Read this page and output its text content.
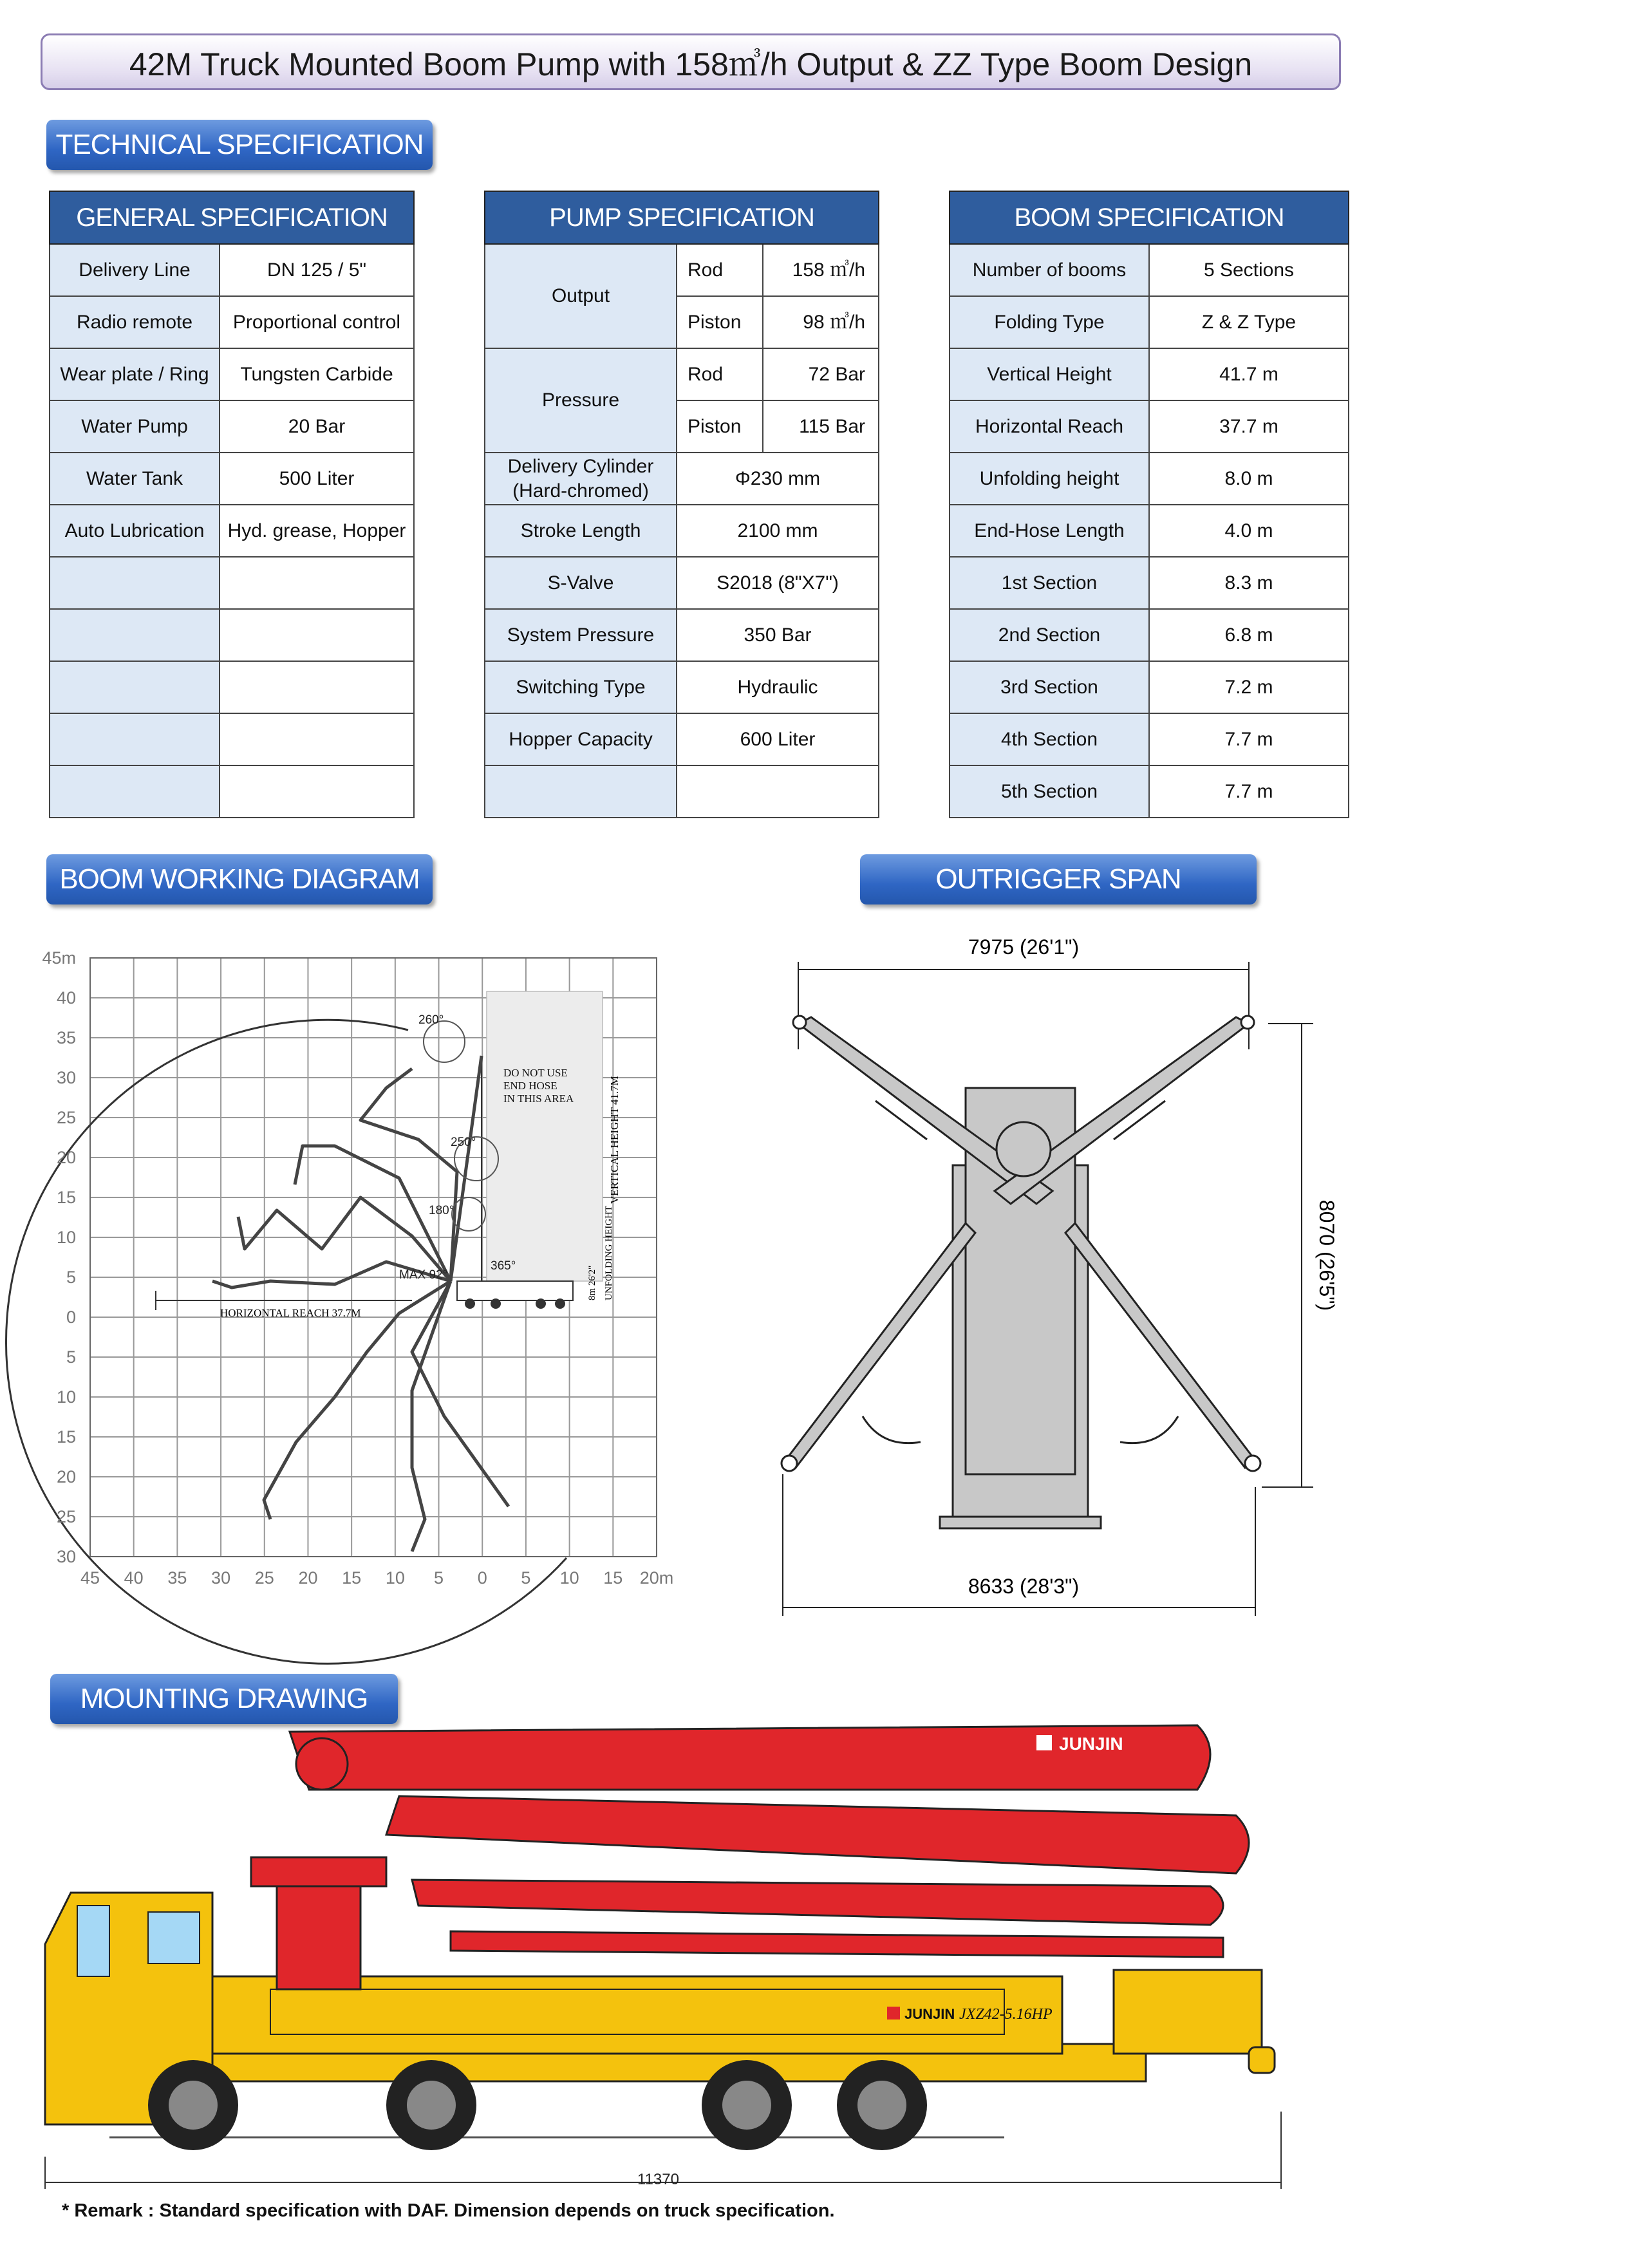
42M Truck Mounted Boom Pump with 158㎥/h Output & ZZ Type Boom Design
TECHNICAL SPECIFICATION
BOOM WORKING DIAGRAM	OUTRIGGER SPAN
MOUNTING DRAWING
GENERAL SPECIFICATION	
Delivery Line	DN 125 / 5"
Radio remote	Proportional control
Wear plate / Ring	Tungsten Carbide
Water Pump	20 Bar
Water Tank	500 Liter
Auto Lubrication	Hyd. grease, Hopper

PUMP SPECIFICATION		
Output	Rod	158 ㎥/h
	Piston	98 ㎥/h
Pressure	Rod	72 Bar
	Piston	115 Bar
Delivery Cylinder
(Hard-chromed)	Φ230 mm	
Stroke Length	2100 mm	
S-Valve	S2018 (8"X7")	
System Pressure	350 Bar	
Switching Type	Hydraulic	
Hopper Capacity	600 Liter	

BOOM SPECIFICATION	
Number of booms	5 Sections
Folding Type	Z & Z Type
Vertical Height	41.7 m
Horizontal Reach	37.7 m
Unfolding height	8.0 m
End-Hose Length	4.0 m
1st Section	8.3 m
2nd Section	6.8 m
3rd Section	7.2 m
4th Section	7.7 m
5th Section	7.7 m
DO NOT USE
END HOSE
IN THIS AREA	VERTICAL HEIGHT 41.7M
HORIZONTAL REACH 37.7M
260°
250°
180°
365°
MAX 92°	8m 26'2" UNFOLDING HEIGHT
45m
40
35
30
25
20
15
10
5
0
5
10
15
20
25
30
45 40 35 30 25 20 15 10 5 0 5 10 15 20m
7975 (26'1")
8633 (28'3")
8070 (26'5")
JUNJIN
JUNJIN JXZ42-5.16HP
11370
* Remark : Standard specification with DAF. Dimension depends on truck specification.
